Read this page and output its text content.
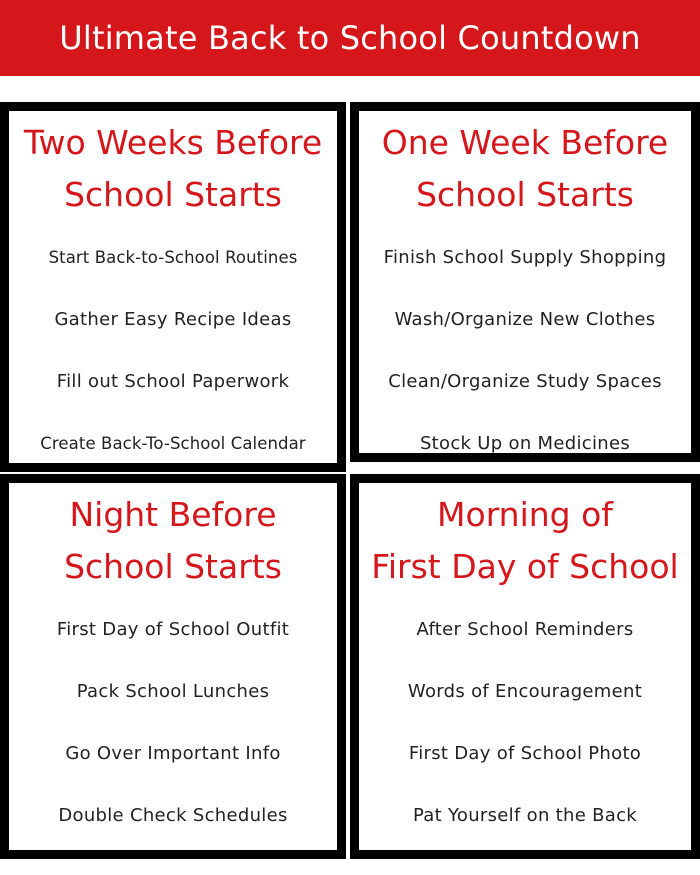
Ultimate Back to School Countdown
Two Weeks Before
School Starts
Start Back-to-School Routines
Gather Easy Recipe Ideas
Fill out School Paperwork
Create Back-To-School Calendar
One Week Before
School Starts
Finish School Supply Shopping
Wash/Organize New Clothes
Clean/Organize Study Spaces
Stock Up on Medicines
Night Before
School Starts
First Day of School Outfit
Pack School Lunches
Go Over Important Info
Double Check Schedules
Morning of
First Day of School
After School Reminders
Words of Encouragement
First Day of School Photo
Pat Yourself on the Back
